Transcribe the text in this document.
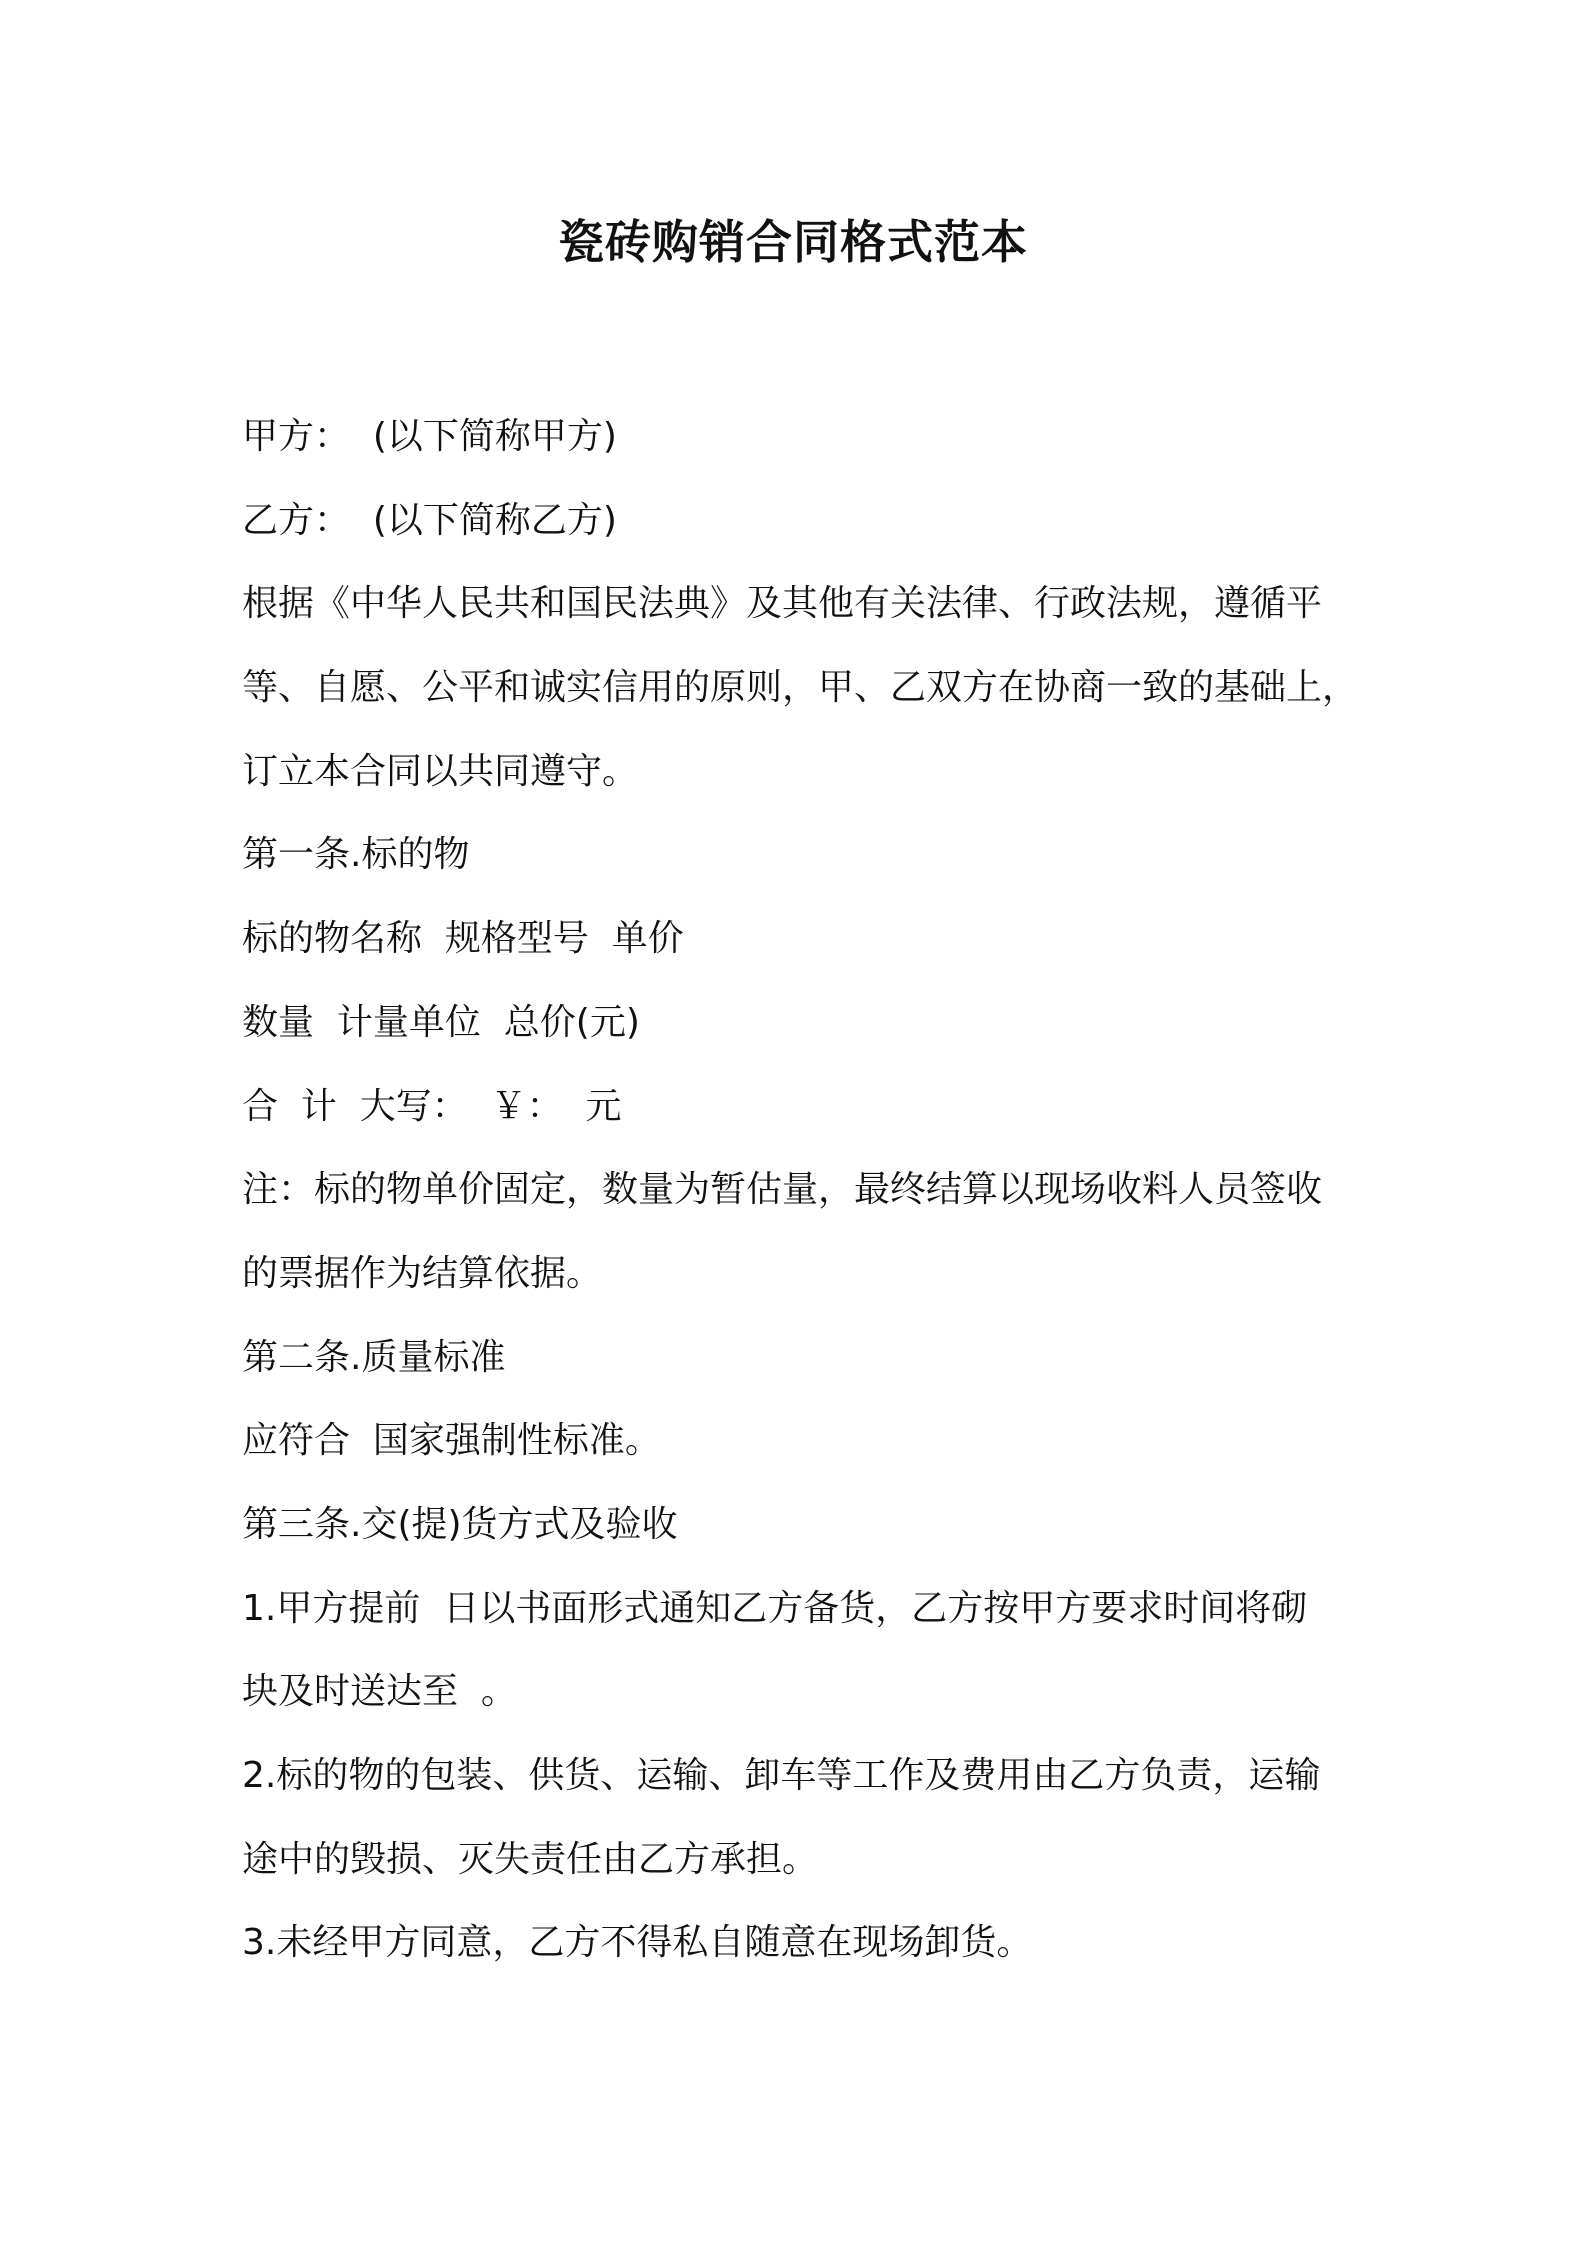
瓷砖购销合同格式范本
甲方：  (以下简称甲方)
乙方：  (以下简称乙方)
根据《中华人民共和国民法典》及其他有关法律、行政法规，遵循平
等、自愿、公平和诚实信用的原则，甲、乙双方在协商一致的基础上，
订立本合同以共同遵守。
第一条.标的物
标的物名称  规格型号  单价
数量  计量单位  总价(元)
合  计  大写：  ￥：  元
注：标的物单价固定，数量为暂估量，最终结算以现场收料人员签收
的票据作为结算依据。
第二条.质量标准
应符合  国家强制性标准。
第三条.交(提)货方式及验收
1.甲方提前  日以书面形式通知乙方备货，乙方按甲方要求时间将砌
块及时送达至  。
2.标的物的包装、供货、运输、卸车等工作及费用由乙方负责，运输
途中的毁损、灭失责任由乙方承担。
3.未经甲方同意，乙方不得私自随意在现场卸货。
